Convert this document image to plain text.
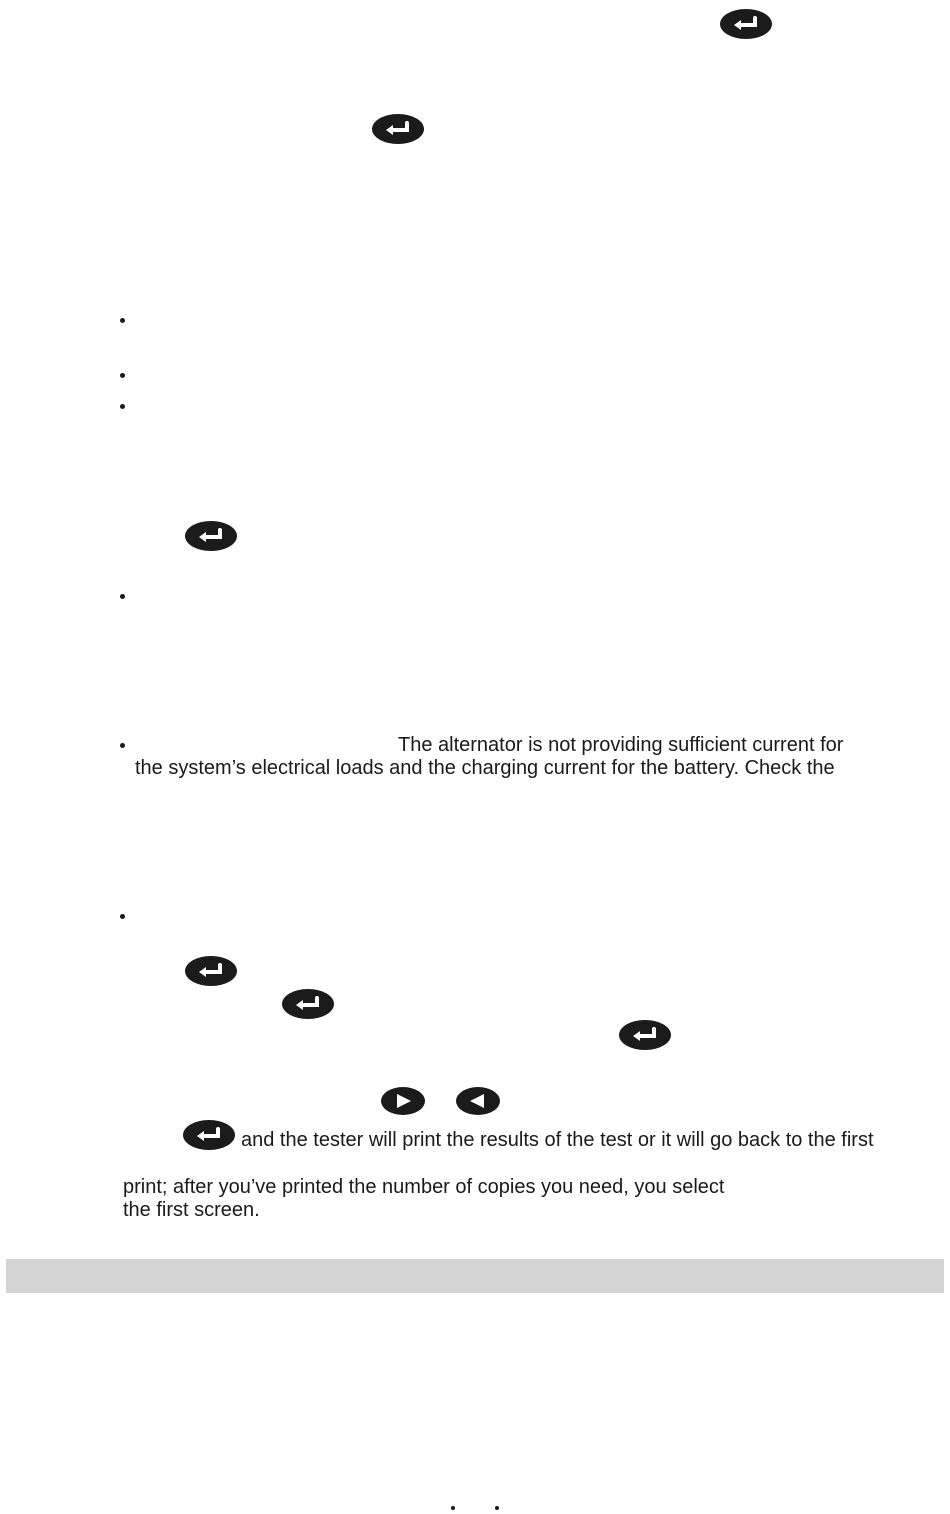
The alternator is not providing sufficient current for
the system’s electrical loads and the charging current for the battery. Check the
and the tester will print the results of the test or it will go back to the first
print; after you’ve printed the number of copies you need, you select
the first screen.
